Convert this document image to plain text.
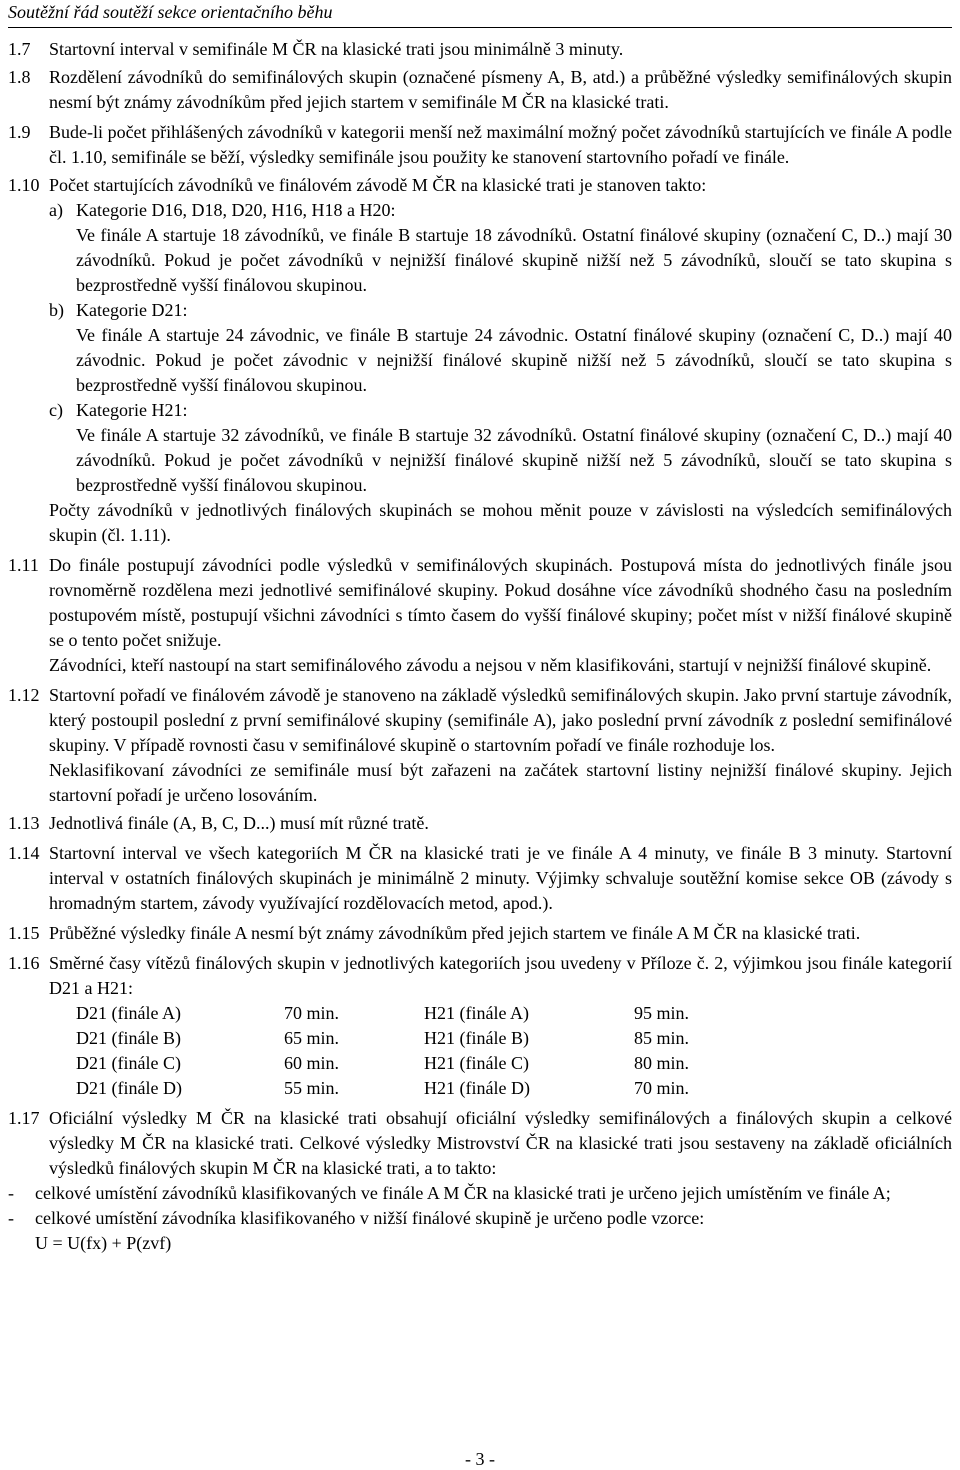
Soutěžní řád soutěží sekce orientačního běhu
1.7 Startovní interval v semifinále M ČR na klasické trati jsou minimálně 3 minuty.

1.8 Rozdělení závodníků do semifinálových skupin (označené písmeny A, B, atd.) a průběžné výsledky semifinálových skupin nesmí být známy závodníkům před jejich startem v semifinále M ČR na klasické trati.

1.9 Bude-li počet přihlášených závodníků v kategorii menší než maximální možný počet závodníků startujících ve finále A podle čl. 1.10, semifinále se běží, výsledky semifinále jsou použity ke stanovení startovního pořadí ve finále.

1.10 Počet startujících závodníků ve finálovém závodě M ČR na klasické trati je stanoven takto:

a) Kategorie D16, D18, D20, H16, H18 a H20:

Ve finále A startuje 18 závodníků, ve finále B startuje 18 závodníků. Ostatní finálové skupiny (označení C, D..) mají 30 závodníků. Pokud je počet závodníků v nejnižší finálové skupině nižší než 5 závodníků, sloučí se tato skupina s bezprostředně vyšší finálovou skupinou.

b) Kategorie D21:

Ve finále A startuje 24 závodnic, ve finále B startuje 24 závodnic. Ostatní finálové skupiny (označení C, D..) mají 40 závodnic. Pokud je počet závodnic v nejnižší finálové skupině nižší než 5 závodníků, sloučí se tato skupina s bezprostředně vyšší finálovou skupinou.

c) Kategorie H21:

Ve finále A startuje 32 závodníků, ve finále B startuje 32 závodníků. Ostatní finálové skupiny (označení C, D..) mají 40 závodníků. Pokud je počet závodníků v nejnižší finálové skupině nižší než 5 závodníků, sloučí se tato skupina s bezprostředně vyšší finálovou skupinou.

Počty závodníků v jednotlivých finálových skupinách se mohou měnit pouze v závislosti na výsledcích semifinálových skupin (čl. 1.11).

1.11 Do finále postupují závodníci podle výsledků v semifinálových skupinách. Postupová místa do jednotlivých finále jsou rovnoměrně rozdělena mezi jednotlivé semifinálové skupiny. Pokud dosáhne více závodníků shodného času na posledním postupovém místě, postupují všichni závodníci s tímto časem do vyšší finálové skupiny; počet míst v nižší finálové skupině se o tento počet snižuje.

Závodníci, kteří nastoupí na start semifinálového závodu a nejsou v něm klasifikováni, startují v nejnižší finálové skupině.

1.12 Startovní pořadí ve finálovém závodě je stanoveno na základě výsledků semifinálových skupin. Jako první startuje závodník, který postoupil poslední z první semifinálové skupiny (semifinále A), jako poslední první závodník z poslední semifinálové skupiny. V případě rovnosti času v semifinálové skupině o startovním pořadí ve finále rozhoduje los.

Neklasifikovaní závodníci ze semifinále musí být zařazeni na začátek startovní listiny nejnižší finálové skupiny. Jejich startovní pořadí je určeno losováním.

1.13 Jednotlivá finále (A, B, C, D...) musí mít různé tratě.

1.14 Startovní interval ve všech kategoriích M ČR na klasické trati je ve finále A 4 minuty, ve finále B 3 minuty. Startovní interval v ostatních finálových skupinách je minimálně 2 minuty. Výjimky schvaluje soutěžní komise sekce OB (závody s hromadným startem, závody využívající rozdělovacích metod, apod.).

1.15 Průběžné výsledky finále A nesmí být známy závodníkům před jejich startem ve finále A M ČR na klasické trati.

1.16 Směrné časy vítězů finálových skupin v jednotlivých kategoriích jsou uvedeny v Příloze č. 2, výjimkou jsou finále kategorií D21 a H21:

D21 (finále A)	70 min.	H21 (finále A)	95 min.
D21 (finále B)	65 min.	H21 (finále B)	85 min.
D21 (finále C)	60 min.	H21 (finále C)	80 min.
D21 (finále D)	55 min.	H21 (finále D)	70 min.
1.17 Oficiální výsledky M ČR na klasické trati obsahují oficiální výsledky semifinálových a finálových skupin a celkové výsledky M ČR na klasické trati. Celkové výsledky Mistrovství ČR na klasické trati jsou sestaveny na základě oficiálních výsledků finálových skupin M ČR na klasické trati, a to takto:

- celkové umístění závodníků klasifikovaných ve finále A M ČR na klasické trati je určeno jejich umístěním ve finále A;

- celkové umístění závodníka klasifikovaného v nižší finálové skupině je určeno podle vzorce:

U = U(fx) + P(zvf)

- 3 -
